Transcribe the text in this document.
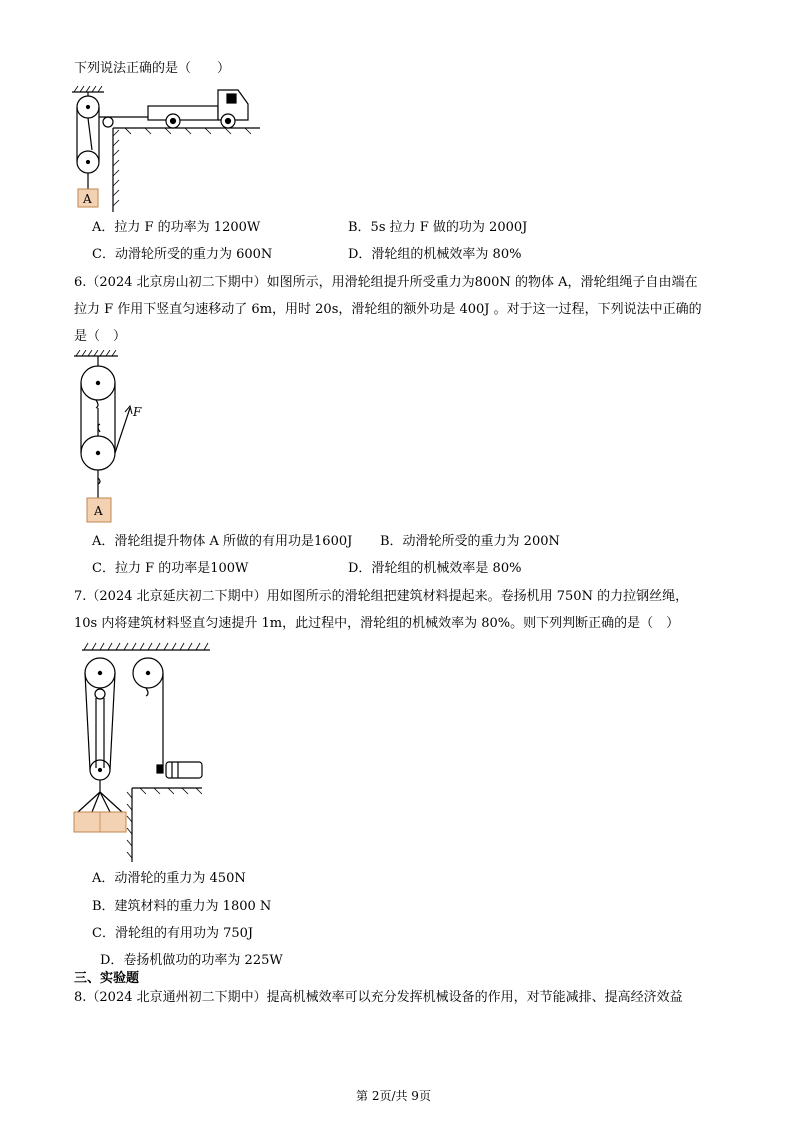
下列说法正确的是（　　）
A
A．拉力 F 的功率为 1200W	B．5s 拉力 F 做的功为 2000J
C．动滑轮所受的重力为 600N	D．滑轮组的机械效率为 80%
6.（2024 北京房山初二下期中）如图所示，用滑轮组提升所受重力为800N 的物体 A，滑轮组绳子自由端在
拉力 F 作用下竖直匀速移动了 6m，用时 20s，滑轮组的额外功是 400J 。对于这一过程，下列说法中正确的
是（　）
F
A
A．滑轮组提升物体 A 所做的有用功是1600J B．动滑轮所受的重力为 200N
C．拉力 F 的功率是100W	D．滑轮组的机械效率是 80%
7.（2024 北京延庆初二下期中）用如图所示的滑轮组把建筑材料提起来。卷扬机用 750N 的力拉钢丝绳，
10s 内将建筑材料竖直匀速提升 1m，此过程中，滑轮组的机械效率为 80%。则下列判断正确的是（　）
A．动滑轮的重力为 450N
B．建筑材料的重力为 1800 N
C．滑轮组的有用功为 750J
D．卷扬机做功的功率为 225W
三、实验题
8.（2024 北京通州初二下期中）提高机械效率可以充分发挥机械设备的作用，对节能减排、提高经济效益
第 2页/共 9页
